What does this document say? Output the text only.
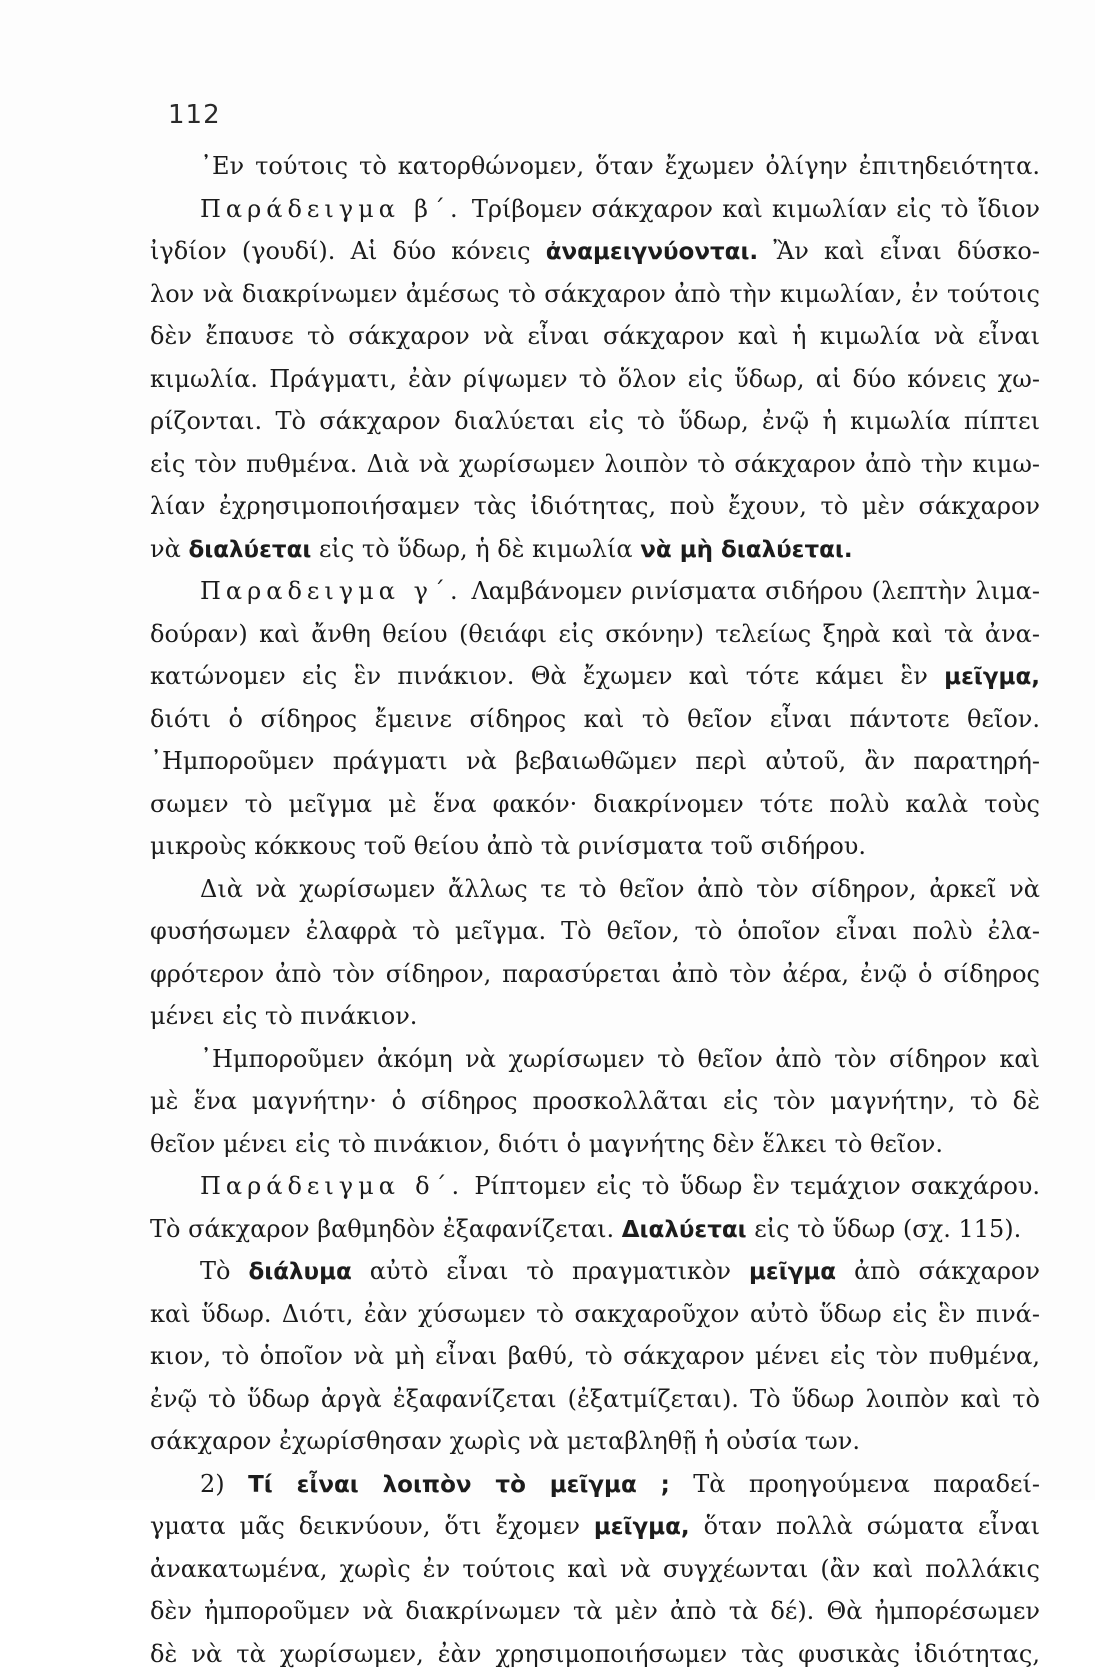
112
᾿Εν τούτοις τὸ κατορθώνομεν, ὅταν ἔχωμεν ὀλίγην ἐπιτηδειότητα.
Παράδειγμα β΄. Τρίβομεν σάκχαρον καὶ κιμωλίαν εἰς τὸ ἴδιον
ἰγδίον (γουδί). Αἱ δύο κόνεις ἀναμειγνύονται. Ἂν καὶ εἶναι δύσκο-
λον νὰ διακρίνωμεν ἀμέσως τὸ σάκχαρον ἀπὸ τὴν κιμωλίαν, ἐν τούτοις
δὲν ἔπαυσε τὸ σάκχαρον νὰ εἶναι σάκχαρον καὶ ἡ κιμωλία νὰ εἶναι
κιμωλία. Πράγματι, ἐὰν ρίψωμεν τὸ ὅλον εἰς ὕδωρ, αἱ δύο κόνεις χω-
ρίζονται. Τὸ σάκχαρον διαλύεται εἰς τὸ ὕδωρ, ἐνῷ ἡ κιμωλία πίπτει
εἰς τὸν πυθμένα. Διὰ νὰ χωρίσωμεν λοιπὸν τὸ σάκχαρον ἀπὸ τὴν κιμω-
λίαν ἐχρησιμοποιήσαμεν τὰς ἰδιότητας, ποὺ ἔχουν, τὸ μὲν σάκχαρον
νὰ διαλύεται εἰς τὸ ὕδωρ, ἡ δὲ κιμωλία νὰ μὴ διαλύεται.
Παραδειγμα γ΄. Λαμβάνομεν ρινίσματα σιδήρου (λεπτὴν λιμα-
δούραν) καὶ ἄνθη θείου (θειάφι εἰς σκόνην) τελείως ξηρὰ καὶ τὰ ἀνα-
κατώνομεν εἰς ἓν πινάκιον. Θὰ ἔχωμεν καὶ τότε κάμει ἓν μεῖγμα,
διότι ὁ σίδηρος ἔμεινε σίδηρος καὶ τὸ θεῖον εἶναι πάντοτε θεῖον.
᾿Ημποροῦμεν πράγματι νὰ βεβαιωθῶμεν περὶ αὐτοῦ, ἂν παρατηρή-
σωμεν τὸ μεῖγμα μὲ ἕνα φακόν· διακρίνομεν τότε πολὺ καλὰ τοὺς
μικροὺς κόκκους τοῦ θείου ἀπὸ τὰ ρινίσματα τοῦ σιδήρου.
Διὰ νὰ χωρίσωμεν ἄλλως τε τὸ θεῖον ἀπὸ τὸν σίδηρον, ἀρκεῖ νὰ
φυσήσωμεν ἐλαφρὰ τὸ μεῖγμα. Τὸ θεῖον, τὸ ὁποῖον εἶναι πολὺ ἐλα-
φρότερον ἀπὸ τὸν σίδηρον, παρασύρεται ἀπὸ τὸν ἀέρα, ἐνῷ ὁ σίδηρος
μένει εἰς τὸ πινάκιον.
᾿Ημποροῦμεν ἀκόμη νὰ χωρίσωμεν τὸ θεῖον ἀπὸ τὸν σίδηρον καὶ
μὲ ἕνα μαγνήτην· ὁ σίδηρος προσκολλᾶται εἰς τὸν μαγνήτην, τὸ δὲ
θεῖον μένει εἰς τὸ πινάκιον, διότι ὁ μαγνήτης δὲν ἕλκει τὸ θεῖον.
Παράδειγμα δ΄. Ρίπτομεν εἰς τὸ ὕδωρ ἓν τεμάχιον σακχάρου.
Τὸ σάκχαρον βαθμηδὸν ἐξαφανίζεται. Διαλύεται εἰς τὸ ὕδωρ (σχ. 115).
Τὸ διάλυμα αὐτὸ εἶναι τὸ πραγματικὸν μεῖγμα ἀπὸ σάκχαρον
καὶ ὕδωρ. Διότι, ἐὰν χύσωμεν τὸ σακχαροῦχον αὐτὸ ὕδωρ εἰς ἓν πινά-
κιον, τὸ ὁποῖον νὰ μὴ εἶναι βαθύ, τὸ σάκχαρον μένει εἰς τὸν πυθμένα,
ἐνῷ τὸ ὕδωρ ἀργὰ ἐξαφανίζεται (ἐξατμίζεται). Τὸ ὕδωρ λοιπὸν καὶ τὸ
σάκχαρον ἐχωρίσθησαν χωρὶς νὰ μεταβληθῇ ἡ οὐσία των.
2) Τί εἶναι λοιπὸν τὸ μεῖγμα ; Τὰ προηγούμενα παραδεί-
γματα μᾶς δεικνύουν, ὅτι ἔχομεν μεῖγμα, ὅταν πολλὰ σώματα εἶναι
ἀνακατωμένα, χωρὶς ἐν τούτοις καὶ νὰ συγχέωνται (ἂν καὶ πολλάκις
δὲν ἠμποροῦμεν νὰ διακρίνωμεν τὰ μὲν ἀπὸ τὰ δέ). Θὰ ἠμπορέσωμεν
δὲ νὰ τὰ χωρίσωμεν, ἐὰν χρησιμοποιήσωμεν τὰς φυσικὰς ἰδιότητας,
